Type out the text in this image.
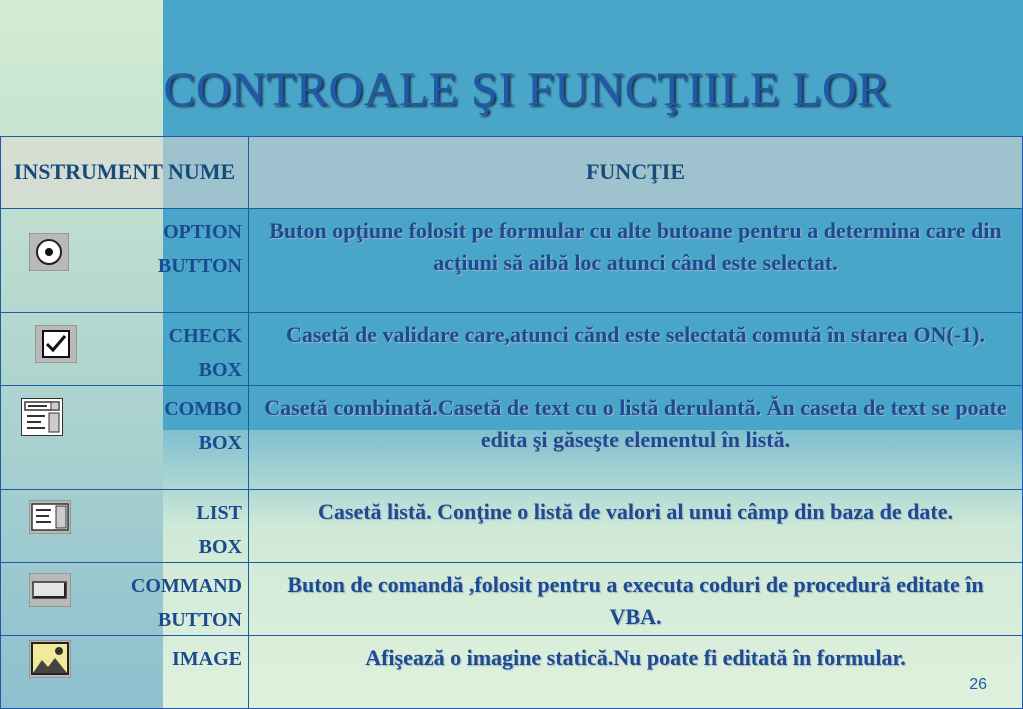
CONTROALE ŞI FUNCŢIILE LOR
INSTRUMENT NUME	FUNCŢIE

OPTION
BUTTON	Buton opţiune folosit pe formular cu alte butoane pentru a determina care din acţiuni să aibă loc atunci când este selectat.

CHECK
BOX	Casetă de validare care,atunci cănd este selectată comută în starea ON(-1).

COMBO
BOX	Casetă combinată.Casetă de text cu o listă derulantă. Ăn caseta de text se poate edita şi găseşte elementul în listă.

LIST
BOX	Casetă listă. Conţine o listă de valori al unui câmp din baza de date.

COMMAND
BUTTON	Buton de comandă ,folosit pentru a executa coduri de procedură editate în VBA.

IMAGE	Afişează o imagine statică.Nu poate fi editată în formular.
26
